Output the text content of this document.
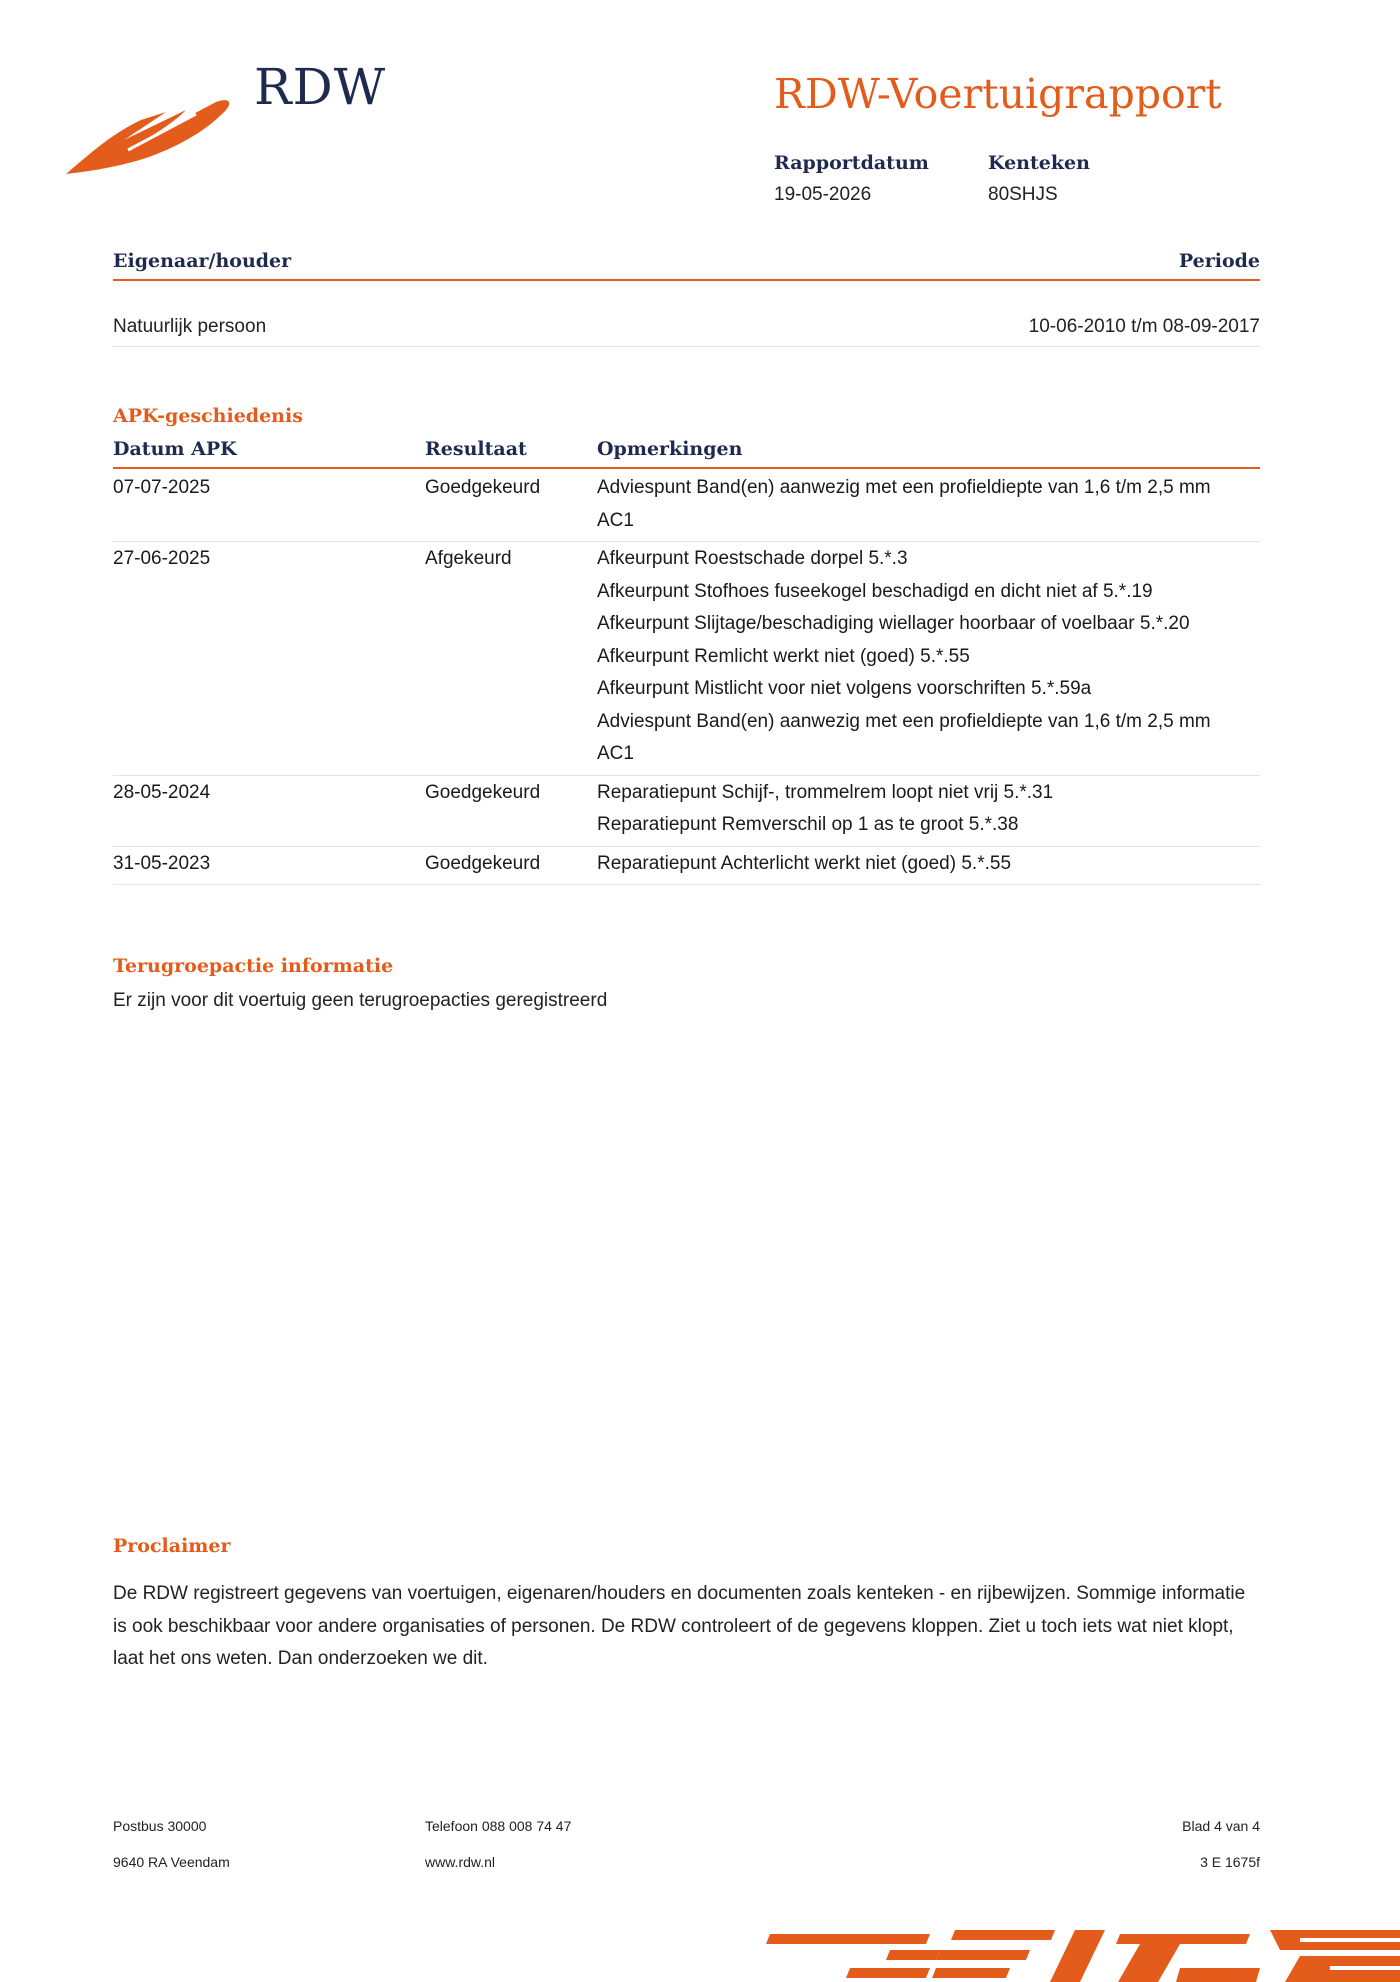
RDW	RDW-Voertuigrapport
Rapportdatum
19-05-2026
Kenteken
80SHJS
Eigenaar/houder	Periode
Natuurlijk persoon	10-06-2010 t/m 08-09-2017
APK-geschiedenis
Datum APK	Resultaat	Opmerkingen
07-07-2025	Goedgekeurd	Adviespunt Band(en) aanwezig met een profieldiepte van 1,6 t/m 2,5 mm AC1
27-06-2025	Afgekeurd	Afkeurpunt Roestschade dorpel 5.*.3
Afkeurpunt Stofhoes fuseekogel beschadigd en dicht niet af 5.*.19
Afkeurpunt Slijtage/beschadiging wiellager hoorbaar of voelbaar 5.*.20
Afkeurpunt Remlicht werkt niet (goed) 5.*.55
Afkeurpunt Mistlicht voor niet volgens voorschriften 5.*.59a
Adviespunt Band(en) aanwezig met een profieldiepte van 1,6 t/m 2,5 mm AC1
28-05-2024	Goedgekeurd	Reparatiepunt Schijf-, trommelrem loopt niet vrij 5.*.31
Reparatiepunt Remverschil op 1 as te groot 5.*.38
31-05-2023	Goedgekeurd	Reparatiepunt Achterlicht werkt niet (goed) 5.*.55
Terugroepactie informatie
Er zijn voor dit voertuig geen terugroepacties geregistreerd
Proclaimer
De RDW registreert gegevens van voertuigen, eigenaren/houders en documenten zoals kenteken - en rijbewijzen. Sommige informatie is ook beschikbaar voor andere organisaties of personen. De RDW controleert of de gegevens kloppen. Ziet u toch iets wat niet klopt, laat het ons weten. Dan onderzoeken we dit.
Postbus 30000
9640 RA Veendam
Telefoon 088 008 74 47
www.rdw.nl
Blad 4 van 4
3 E 1675f
